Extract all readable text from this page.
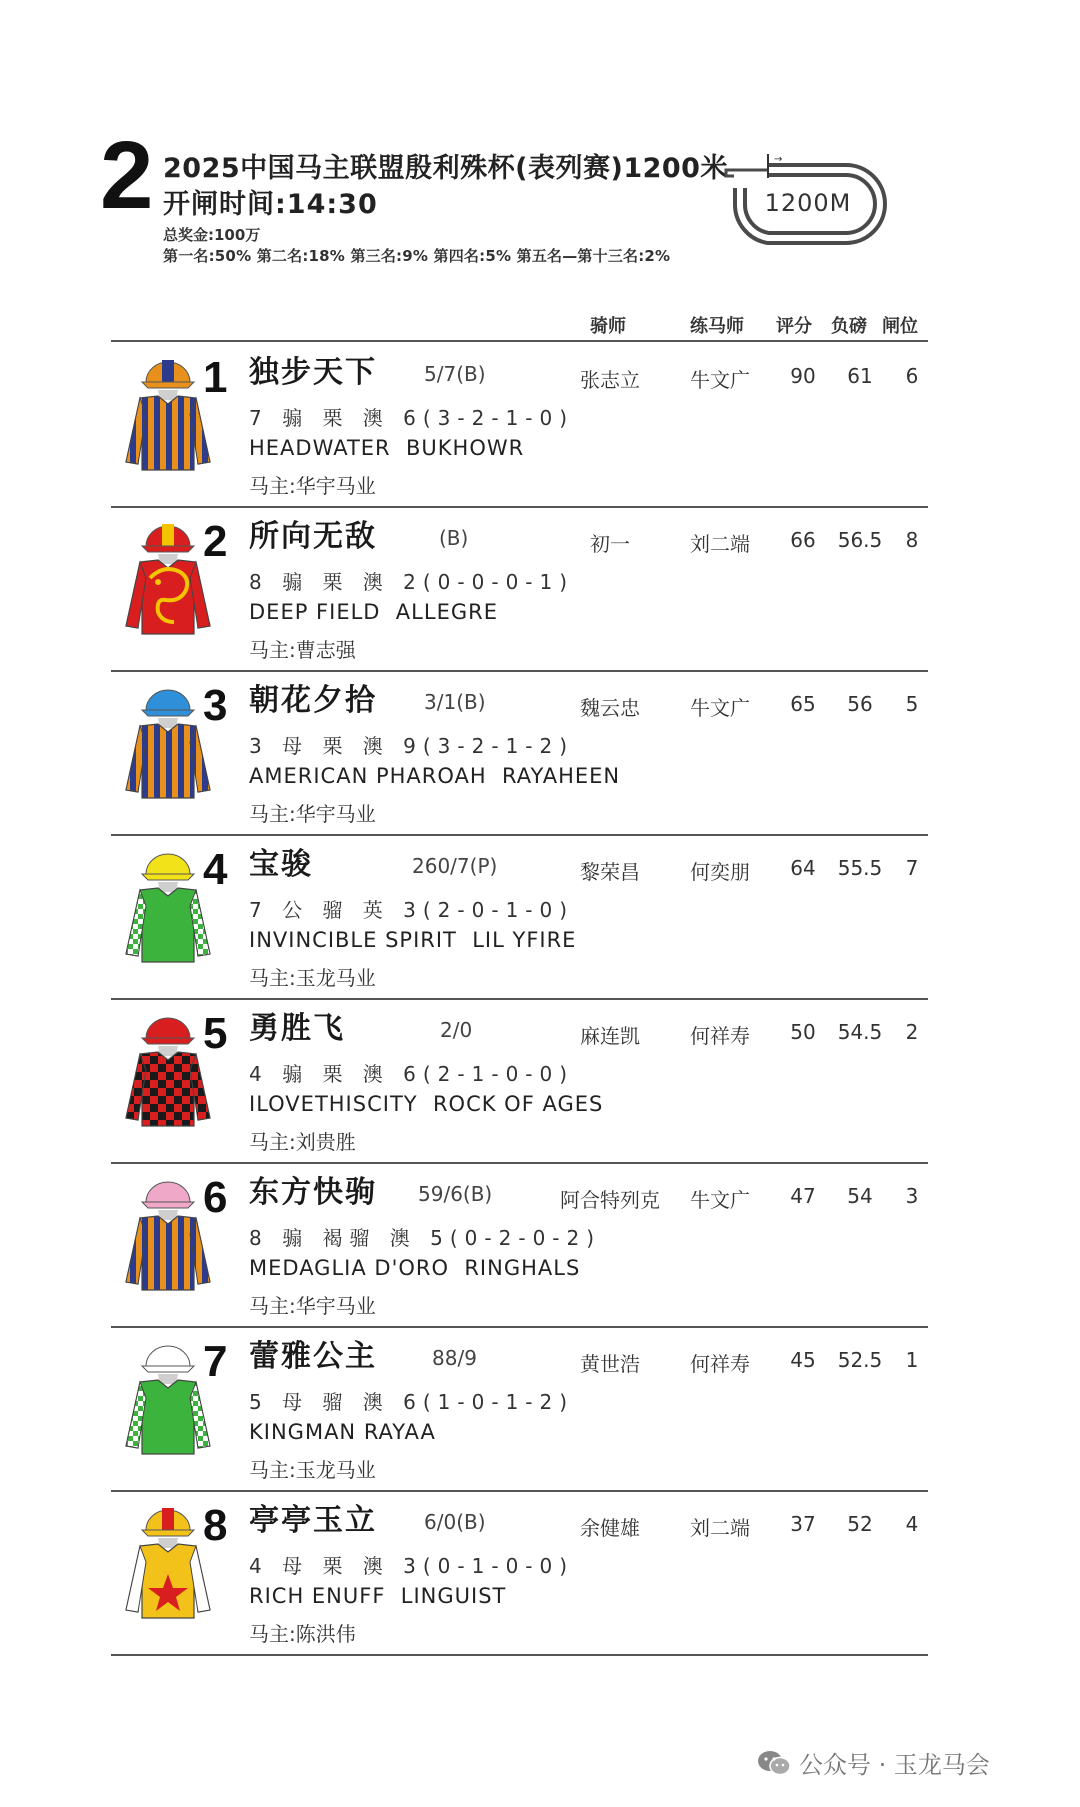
2 2025中国马主联盟殷利殊杯(表列赛)1200米
开闸时间:14:30
总奖金:100万
第一名:50% 第二名:18% 第三名:9% 第四名:5% 第五名—第十三名:2%
→
1200M
骑师	练马师 评分 负磅 闸位
1 独步天下 5/7(B)	张志立	牛文广	90	61	6
7 骟 栗 澳 6(3-2-1-0)
HEADWATER  BUKHOWR
马主:华宇马业
2 所向无敌	(B)	初一	刘二端	66	56.5	8
8 骟 栗 澳 2(0-0-0-1)
DEEP FIELD  ALLEGRE
马主:曹志强
3 朝花夕拾 3/1(B)	魏云忠	牛文广	65	56	5
3 母 栗 澳 9(3-2-1-2)
AMERICAN PHAROAH  RAYAHEEN
马主:华宇马业
4 宝骏	260/7(P)	黎荣昌	何奕朋	64	55.5	7
7 公 骝 英 3(2-0-1-0)
INVINCIBLE SPIRIT  LIL YFIRE
马主:玉龙马业
5 勇胜飞	2/0	麻连凯	何祥寿	50	54.5	2
4 骟 栗 澳 6(2-1-0-0)
ILOVETHISCITY  ROCK OF AGES
马主:刘贵胜
6 东方快驹 59/6(B)	阿合特列克	牛文广	47	54	3
8 骟 褐骝 澳 5(0-2-0-2)
MEDAGLIA D'ORO  RINGHALS
马主:华宇马业
7 蕾雅公主	88/9	黄世浩	何祥寿	45	52.5	1
5 母 骝 澳 6(1-0-1-2)
KINGMAN RAYAA
马主:玉龙马业
8 亭亭玉立 6/0(B)	余健雄	刘二端	37	52	4
4 母 栗 澳 3(0-1-0-0)
RICH ENUFF  LINGUIST
马主:陈洪伟
公众号 · 玉龙马会
